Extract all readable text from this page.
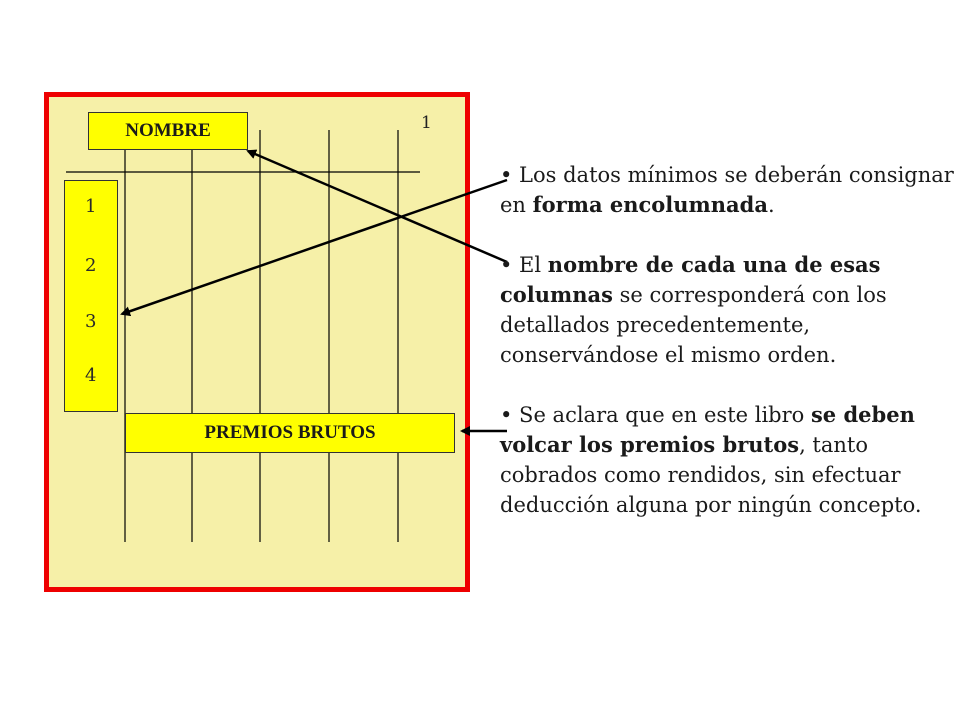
NOMBRE
PREMIOS BRUTOS
1
2
3
4
1

• Los datos mínimos se deberán consignar en forma encolumnada.

• El nombre de cada una de esas columnas se corresponderá con los detallados precedentemente, conservándose el mismo orden.

• Se aclara que en este libro se deben volcar los premios brutos, tanto cobrados como rendidos, sin efectuar deducción alguna por ningún concepto.
